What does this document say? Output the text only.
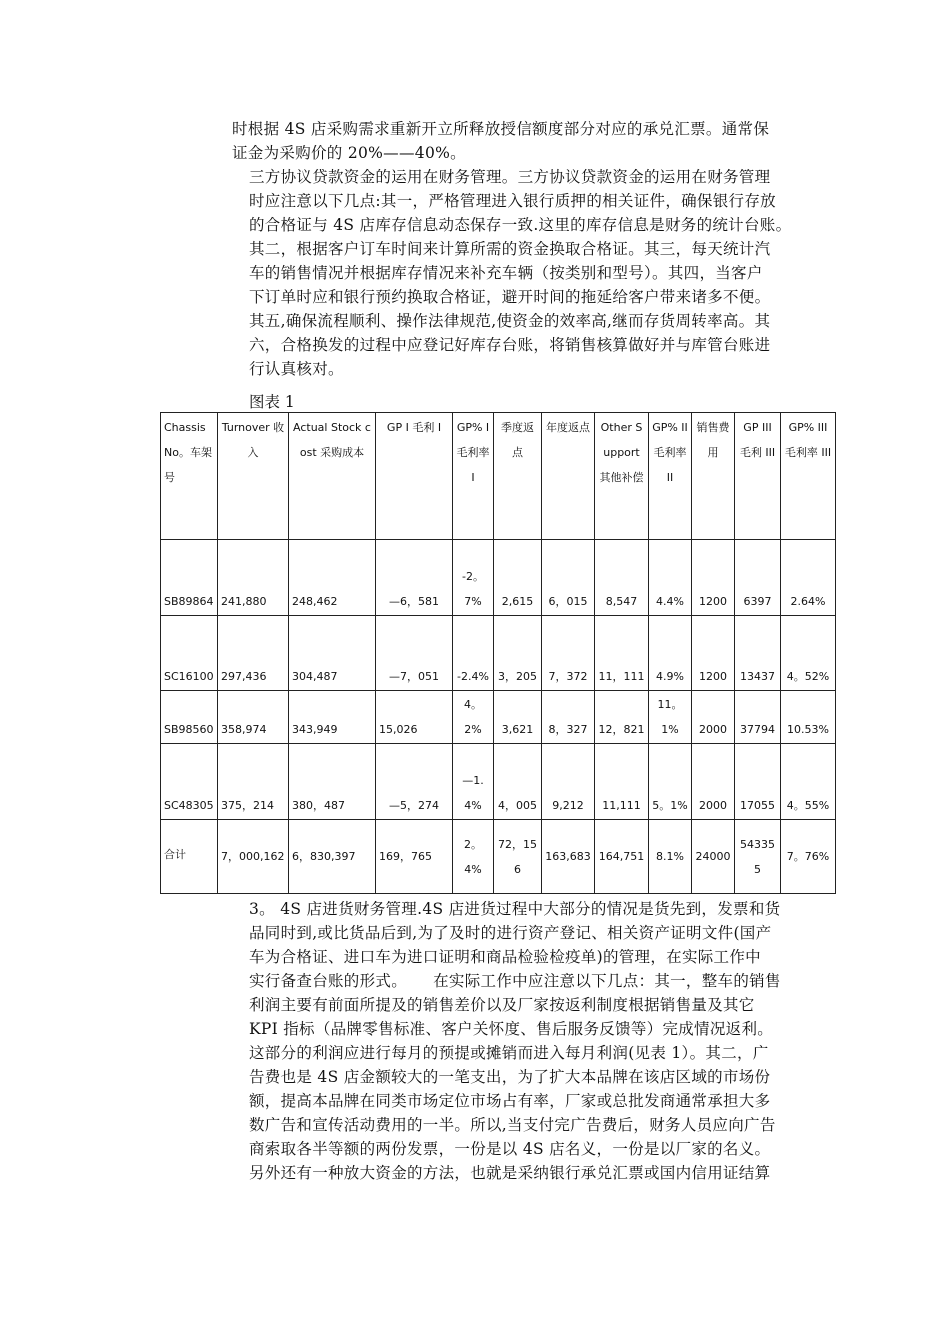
时根据 4S 店采购需求重新开立所释放授信额度部分对应的承兑汇票。通常保
证金为采购价的 20%——40%。
三方协议贷款资金的运用在财务管理。三方协议贷款资金的运用在财务管理
时应注意以下几点:其一，严格管理进入银行质押的相关证件，确保银行存放
的合格证与 4S 店库存信息动态保存一致.这里的库存信息是财务的统计台账。
其二，根据客户订车时间来计算所需的资金换取合格证。其三，每天统计汽
车的销售情况并根据库存情况来补充车辆（按类别和型号）。其四，当客户
下订单时应和银行预约换取合格证，避开时间的拖延给客户带来诸多不便。
其五,确保流程顺利、操作法律规范,使资金的效率高,继而存货周转率高。其
六，合格换发的过程中应登记好库存台账，将销售核算做好并与库管台账进
行认真核对。
图表 1
Chassis No。车架号	Turnover 收入	Actual Stock cost 采购成本	GP I 毛利 I	GP% I 毛利率 I	季度返点	年度返点	Other Support 其他补偿	GP% II 毛利率 II	销售费用	GP III 毛利 III	GP% III 毛利率 III
SB89864	241,880	248,462	—6，581	-2。7%	2,615	6，015	8,547	4.4%	1200	6397	2.64%
SC16100	297,436	304,487	—7，051	-2.4%	3，205	7，372	11，111	4.9%	1200	13437	4。52%
SB98560	358,974	343,949	15,026	4。2%	3,621	8，327	12，821	11。1%	2000	37794	10.53%
SC48305	375，214	380，487	—5，274	—1.4%	4，005	9,212	11,111	5。1%	2000	17055	4。55%
合计	7，000,162	6，830,397	169，765	2。4%	72，156	163,683	164,751	8.1%	24000	543355	7。76%
3。 4S 店进货财务管理.4S 店进货过程中大部分的情况是货先到，发票和货
品同时到,或比货品后到,为了及时的进行资产登记、相关资产证明文件(国产
车为合格证、进口车为进口证明和商品检验检疫单)的管理，在实际工作中
实行备查台账的形式。     在实际工作中应注意以下几点：其一，整车的销售
利润主要有前面所提及的销售差价以及厂家按返利制度根据销售量及其它
KPI 指标（品牌零售标准、客户关怀度、售后服务反馈等）完成情况返利。
这部分的利润应进行每月的预提或摊销而进入每月利润(见表 1）。其二，广
告费也是 4S 店金额较大的一笔支出，为了扩大本品牌在该店区域的市场份
额，提高本品牌在同类市场定位市场占有率，厂家或总批发商通常承担大多
数广告和宣传活动费用的一半。所以,当支付完广告费后，财务人员应向广告
商索取各半等额的两份发票，一份是以 4S 店名义，一份是以厂家的名义。
另外还有一种放大资金的方法，也就是采纳银行承兑汇票或国内信用证结算
